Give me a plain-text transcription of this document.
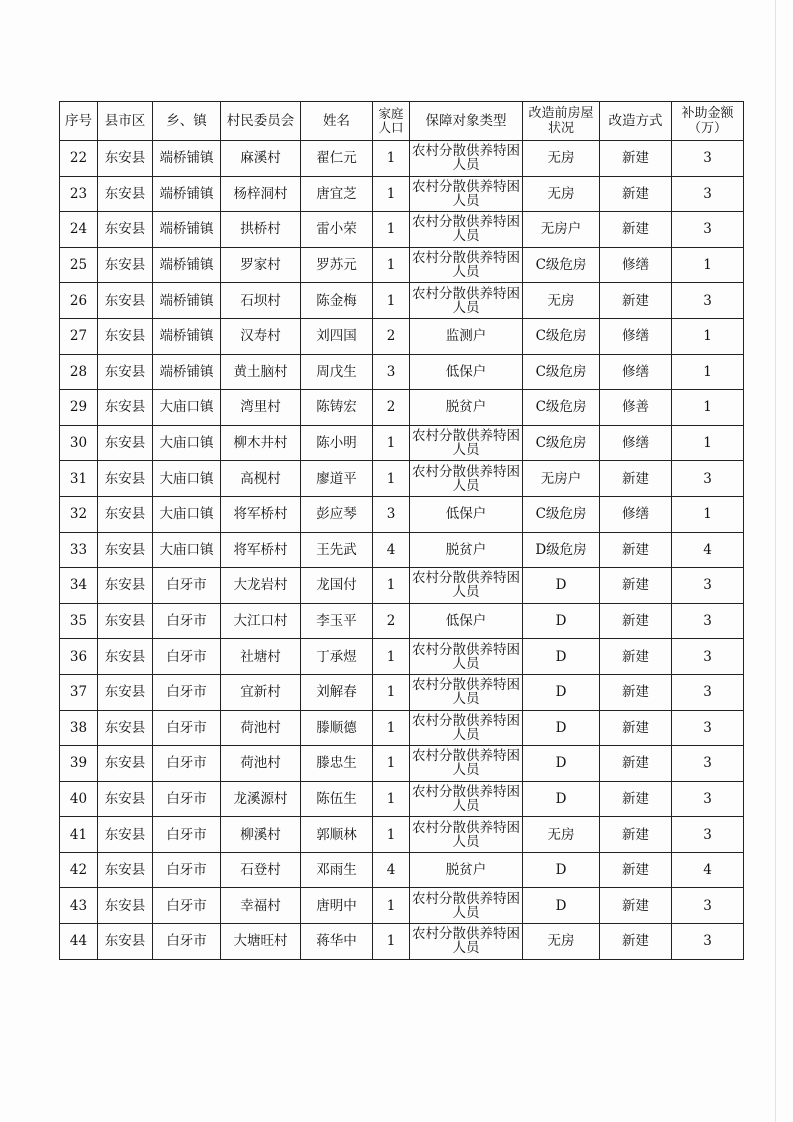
序号	县市区	乡、镇	村民委员会	姓名	家庭人口	保障对象类型	改造前房屋状况	改造方式	补助金额（万）
22	东安县	端桥铺镇	麻溪村	翟仁元	1	农村分散供养特困人员	无房	新建	3
23	东安县	端桥铺镇	杨梓洞村	唐宜芝	1	农村分散供养特困人员	无房	新建	3
24	东安县	端桥铺镇	拱桥村	雷小荣	1	农村分散供养特困人员	无房户	新建	3
25	东安县	端桥铺镇	罗家村	罗苏元	1	农村分散供养特困人员	C级危房	修缮	1
26	东安县	端桥铺镇	石坝村	陈金梅	1	农村分散供养特困人员	无房	新建	3
27	东安县	端桥铺镇	汉寿村	刘四国	2	监测户	C级危房	修缮	1
28	东安县	端桥铺镇	黄土脑村	周戊生	3	低保户	C级危房	修缮	1
29	东安县	大庙口镇	湾里村	陈铸宏	2	脱贫户	C级危房	修善	1
30	东安县	大庙口镇	柳木井村	陈小明	1	农村分散供养特困人员	C级危房	修缮	1
31	东安县	大庙口镇	高枧村	廖道平	1	农村分散供养特困人员	无房户	新建	3
32	东安县	大庙口镇	将军桥村	彭应琴	3	低保户	C级危房	修缮	1
33	东安县	大庙口镇	将军桥村	王先武	4	脱贫户	D级危房	新建	4
34	东安县	白牙市	大龙岩村	龙国付	1	农村分散供养特困人员	D	新建	3
35	东安县	白牙市	大江口村	李玉平	2	低保户	D	新建	3
36	东安县	白牙市	社塘村	丁承煜	1	农村分散供养特困人员	D	新建	3
37	东安县	白牙市	宜新村	刘解春	1	农村分散供养特困人员	D	新建	3
38	东安县	白牙市	荷池村	滕顺德	1	农村分散供养特困人员	D	新建	3
39	东安县	白牙市	荷池村	滕忠生	1	农村分散供养特困人员	D	新建	3
40	东安县	白牙市	龙溪源村	陈伍生	1	农村分散供养特困人员	D	新建	3
41	东安县	白牙市	柳溪村	郭顺林	1	农村分散供养特困人员	无房	新建	3
42	东安县	白牙市	石登村	邓雨生	4	脱贫户	D	新建	4
43	东安县	白牙市	幸福村	唐明中	1	农村分散供养特困人员	D	新建	3
44	东安县	白牙市	大塘旺村	蒋华中	1	农村分散供养特困人员	无房	新建	3
